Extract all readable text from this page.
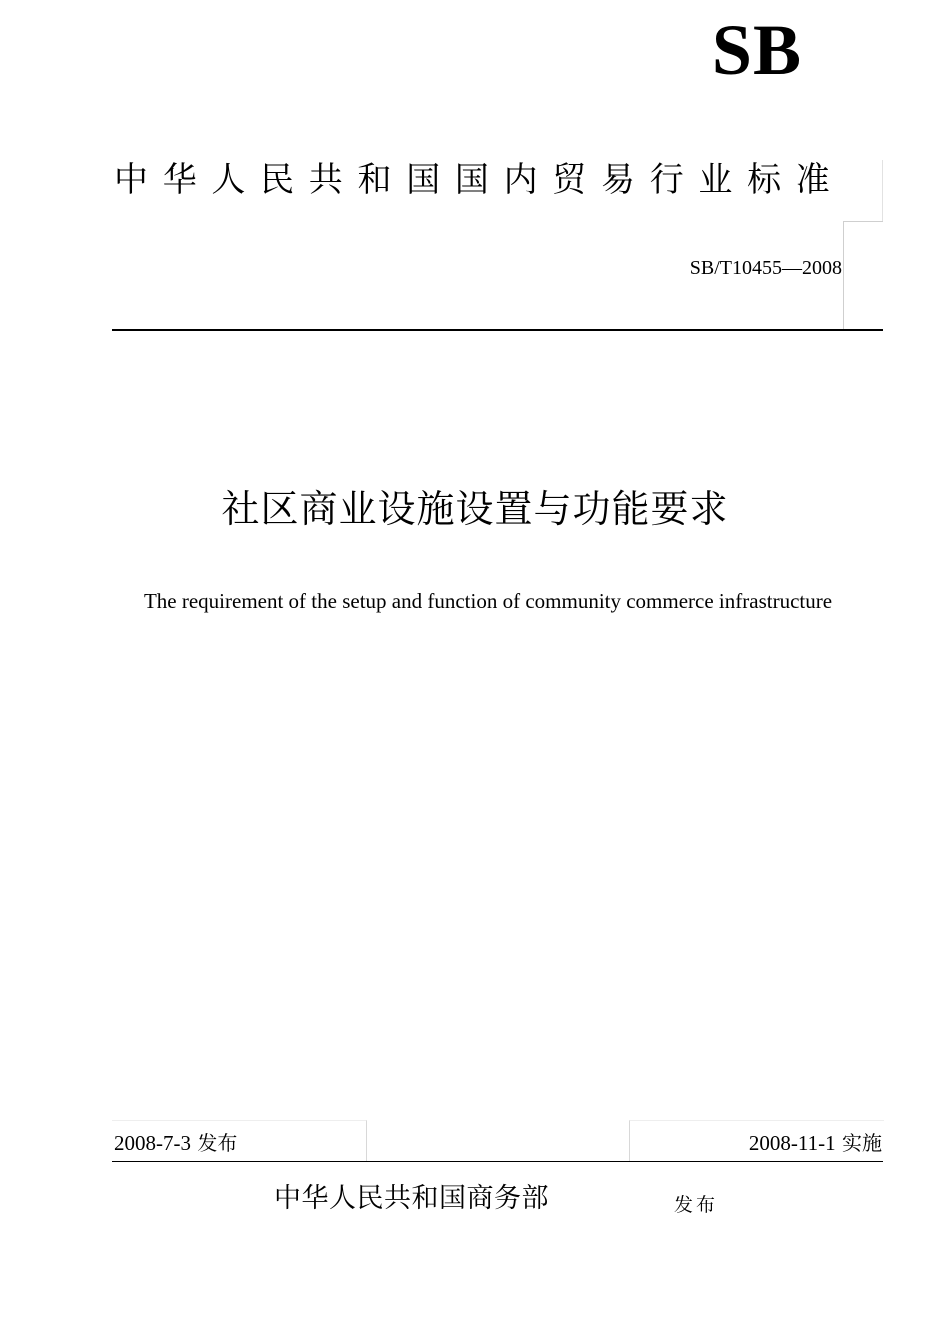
SB
中华人民共和国国内贸易行业标准
SB/T10455—2008
社区商业设施设置与功能要求
The requirement of the setup and function of community commerce infrastructure
2008-7-3 发布	2008-11-1 实施
中华人民共和国商务部	发布
